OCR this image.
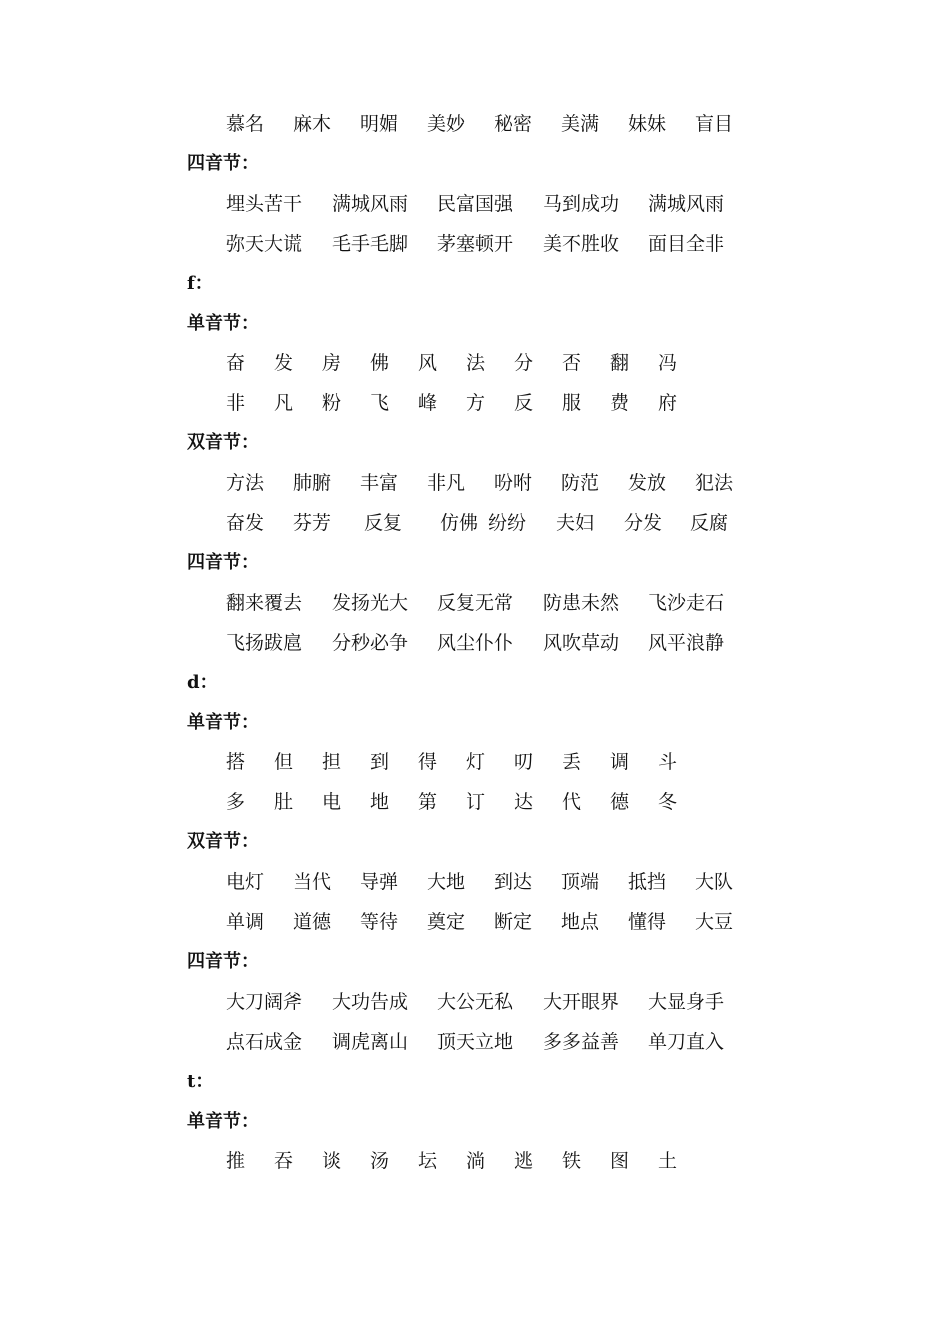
慕名 麻木 明媚 美妙 秘密 美满 妹妹 盲目
四音节：
埋头苦干 满城风雨 民富国强 马到成功 满城风雨
弥天大谎 毛手毛脚 茅塞顿开 美不胜收 面目全非
f：
单音节：
奋 发 房 佛 风 法 分 否 翻 冯
非 凡 粉 飞 峰 方 反 服 费 府
双音节：
方法 肺腑 丰富 非凡 吩咐 防范 发放 犯法
奋发 芬芳 反复 仿佛 纷纷 夫妇 分发 反腐
四音节：
翻来覆去 发扬光大 反复无常 防患未然 飞沙走石
飞扬跋扈 分秒必争 风尘仆仆 风吹草动 风平浪静
d：
单音节：
搭 但 担 到 得 灯 叨 丢 调 斗
多 肚 电 地 第 订 达 代 德 冬
双音节：
电灯 当代 导弹 大地 到达 顶端 抵挡 大队
单调 道德 等待 奠定 断定 地点 懂得 大豆
四音节：
大刀阔斧 大功告成 大公无私 大开眼界 大显身手
点石成金 调虎离山 顶天立地 多多益善 单刀直入
t：
单音节：
推 吞 谈 汤 坛 淌 逃 铁 图 土
